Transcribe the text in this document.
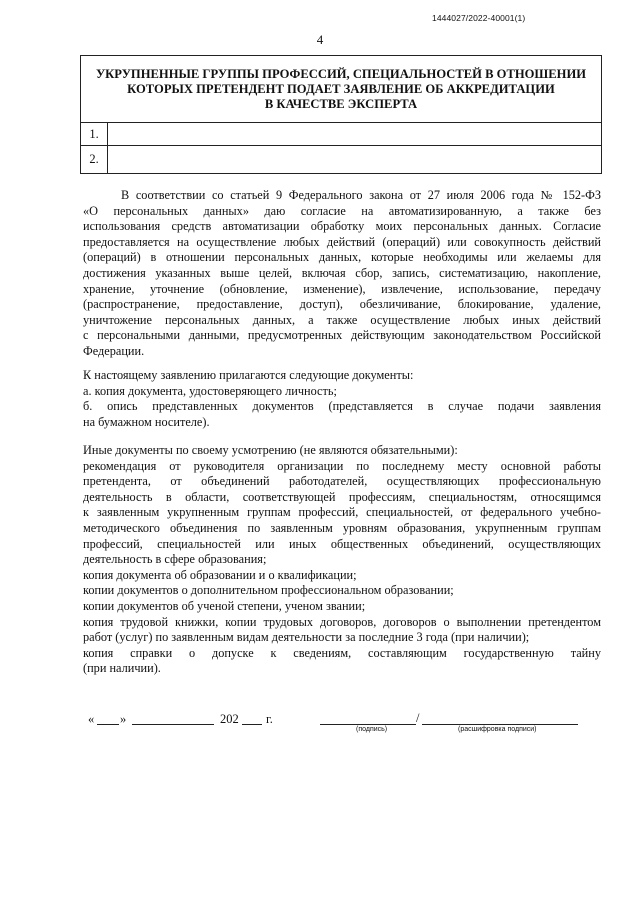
1444027/2022-40001(1)
4
УКРУПНЕННЫЕ ГРУППЫ ПРОФЕССИЙ, СПЕЦИАЛЬНОСТЕЙ В ОТНОШЕНИИ
КОТОРЫХ ПРЕТЕНДЕНТ ПОДАЕТ ЗАЯВЛЕНИЕ ОБ АККРЕДИТАЦИИ
В КАЧЕСТВЕ ЭКСПЕРТА	

1.	
2.	
В соответствии со статьей 9 Федерального закона от 27 июля 2006 года № 152-ФЗ
«О персональных данных» даю согласие на автоматизированную, а также без
использования средств автоматизации обработку моих персональных данных. Согласие
предоставляется на осуществление любых действий (операций) или совокупность действий
(операций) в отношении персональных данных, которые необходимы или желаемы для
достижения указанных выше целей, включая сбор, запись, систематизацию, накопление,
хранение, уточнение (обновление, изменение), извлечение, использование, передачу
(распространение, предоставление, доступ), обезличивание, блокирование, удаление,
уничтожение персональных данных, а также осуществление любых иных действий
с персональными данными, предусмотренных действующим законодательством Российской
Федерации.
К настоящему заявлению прилагаются следующие документы:
а. копия документа, удостоверяющего личность;
б. опись представленных документов (представляется в случае подачи заявления
на бумажном носителе).
Иные документы по своему усмотрению (не являются обязательными):
рекомендация от руководителя организации по последнему месту основной работы
претендента, от объединений работодателей, осуществляющих профессиональную
деятельность в области, соответствующей профессиям, специальностям, относящимся
к заявленным укрупненным группам профессий, специальностей, от федерального учебно-
методического объединения по заявленным уровням образования, укрупненным группам
профессий, специальностей или иных общественных объединений, осуществляющих
деятельность в сфере образования;
копия документа об образовании и о квалификации;
копии документов о дополнительном профессиональном образовании;
копии документов об ученой степени, ученом звании;
копия трудовой книжки, копии трудовых договоров, договоров о выполнении претендентом
работ (услуг) по заявленным видам деятельности за последние 3 года (при наличии);
копия справки о допуске к сведениям, составляющим государственную тайну
(при наличии).
« »	202 г.	/
(подпись)	(расшифровка подписи)
